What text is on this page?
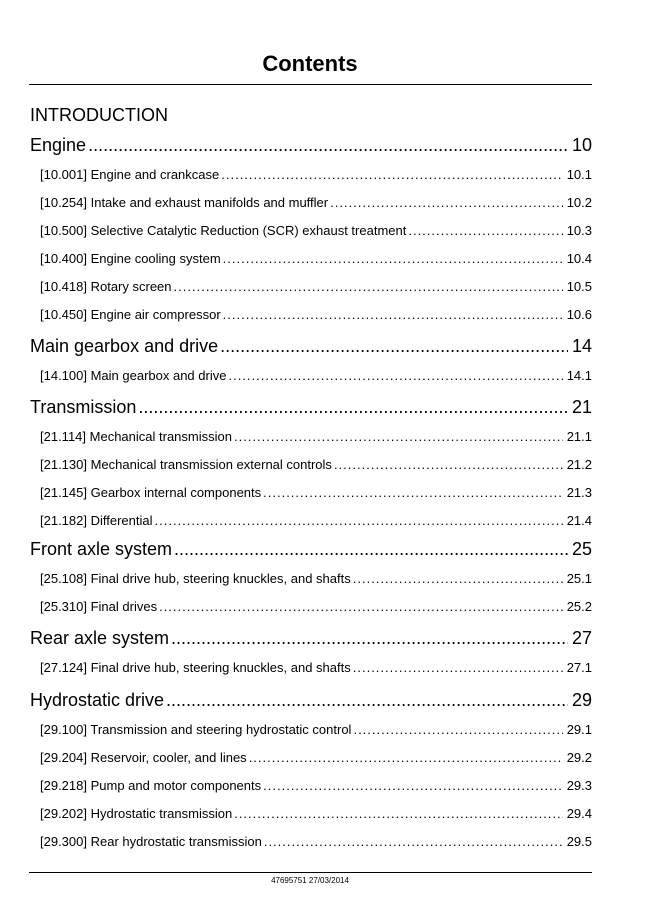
Contents
INTRODUCTION
Engine .....	10
[10.001] Engine and crankcase .....	10.1
[10.254] Intake and exhaust manifolds and muffler .....	10.2
[10.500] Selective Catalytic Reduction (SCR) exhaust treatment .....	10.3
[10.400] Engine cooling system .....	10.4
[10.418] Rotary screen .....	10.5
[10.450] Engine air compressor .....	10.6
Main gearbox and drive .....	14
[14.100] Main gearbox and drive .....	14.1
Transmission .....	21
[21.114] Mechanical transmission .....	21.1
[21.130] Mechanical transmission external controls .....	21.2
[21.145] Gearbox internal components .....	21.3
[21.182] Differential .....	21.4
Front axle system .....	25
[25.108] Final drive hub, steering knuckles, and shafts .....	25.1
[25.310] Final drives .....	25.2
Rear axle system .....	27
[27.124] Final drive hub, steering knuckles, and shafts .....	27.1
Hydrostatic drive .....	29
[29.100] Transmission and steering hydrostatic control .....	29.1
[29.204] Reservoir, cooler, and lines .....	29.2
[29.218] Pump and motor components .....	29.3
[29.202] Hydrostatic transmission .....	29.4
[29.300] Rear hydrostatic transmission .....	29.5
47695751 27/03/2014
